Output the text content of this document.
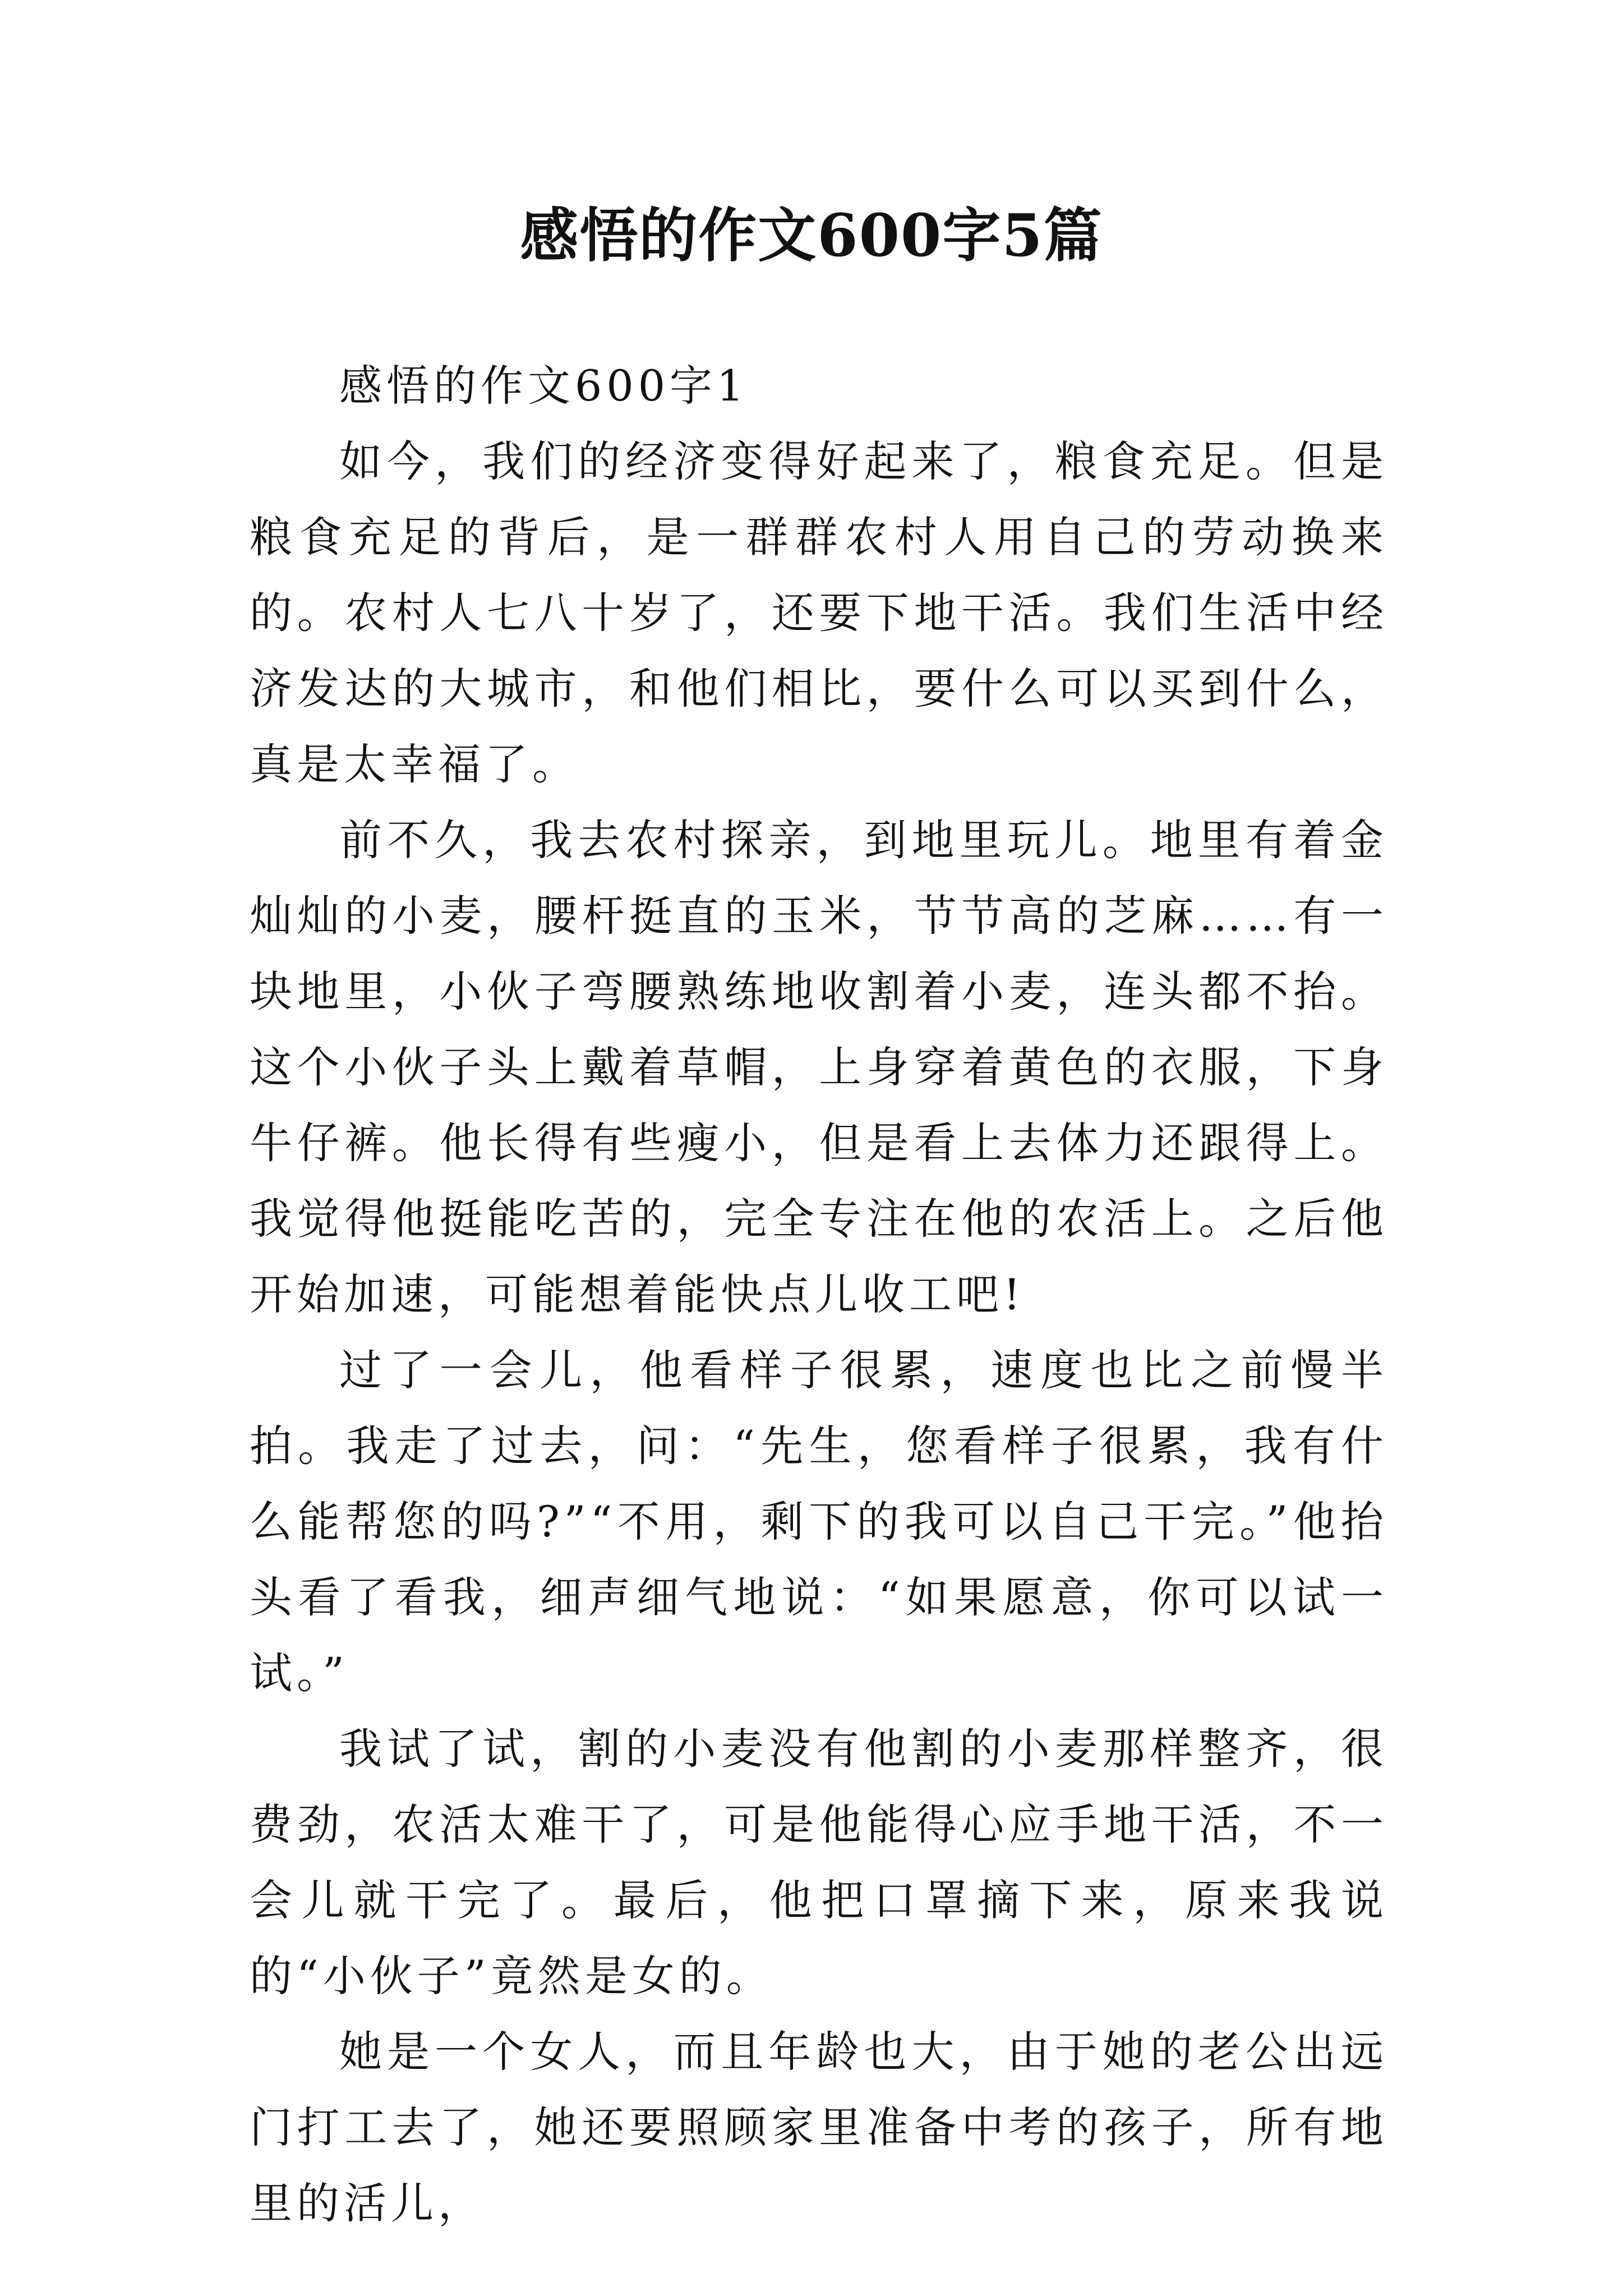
感悟的作文600字5篇

感悟的作文600字1

如今，我们的经济变得好起来了，粮食充足。但是粮食充足的背后，是一群群农村人用自己的劳动换来的。农村人七八十岁了，还要下地干活。我们生活中经济发达的大城市，和他们相比，要什么可以买到什么，真是太幸福了。

前不久，我去农村探亲，到地里玩儿。地里有着金灿灿的小麦，腰杆挺直的玉米，节节高的芝麻……有一块地里，小伙子弯腰熟练地收割着小麦，连头都不抬。这个小伙子头上戴着草帽，上身穿着黄色的衣服，下身牛仔裤。他长得有些瘦小，但是看上去体力还跟得上。我觉得他挺能吃苦的，完全专注在他的农活上。之后他开始加速，可能想着能快点儿收工吧!

过了一会儿，他看样子很累，速度也比之前慢半拍。我走了过去，问：“先生，您看样子很累，我有什么能帮您的吗?”“不用，剩下的我可以自己干完。”他抬头看了看我，细声细气地说：“如果愿意，你可以试一试。”

我试了试，割的小麦没有他割的小麦那样整齐，很费劲，农活太难干了，可是他能得心应手地干活，不一会儿就干完了。最后，他把口罩摘下来，原来我说的“小伙子”竟然是女的。

她是一个女人，而且年龄也大，由于她的老公出远门打工去了，她还要照顾家里准备中考的孩子，所有地里的活儿，
